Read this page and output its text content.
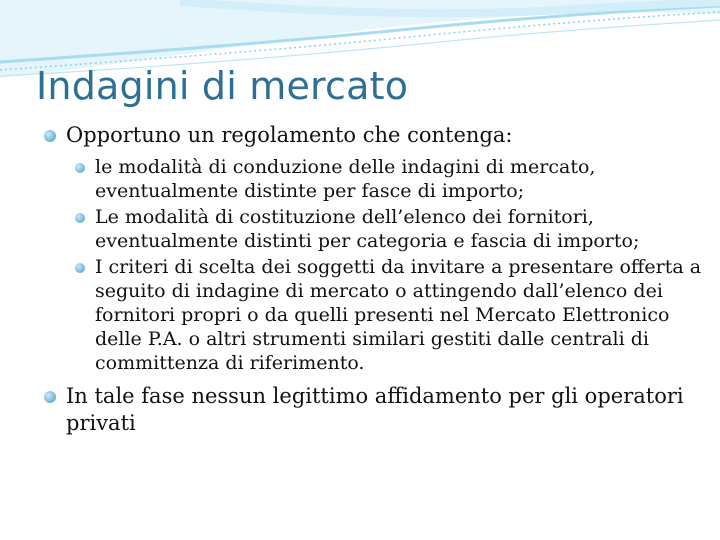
Indagini di mercato
Opportuno un regolamento che contenga:
le modalità di conduzione delle indagini di mercato, eventualmente distinte per fasce di importo;
Le modalità di costituzione dell’elenco dei fornitori, eventualmente distinti per categoria e fascia di importo;
I criteri di scelta dei soggetti da invitare a presentare offerta a seguito di indagine di mercato o attingendo dall’elenco dei fornitori propri o da quelli presenti nel Mercato Elettronico delle P.A. o altri strumenti similari gestiti dalle centrali di committenza di riferimento.
In tale fase nessun legittimo affidamento per gli operatori privati
